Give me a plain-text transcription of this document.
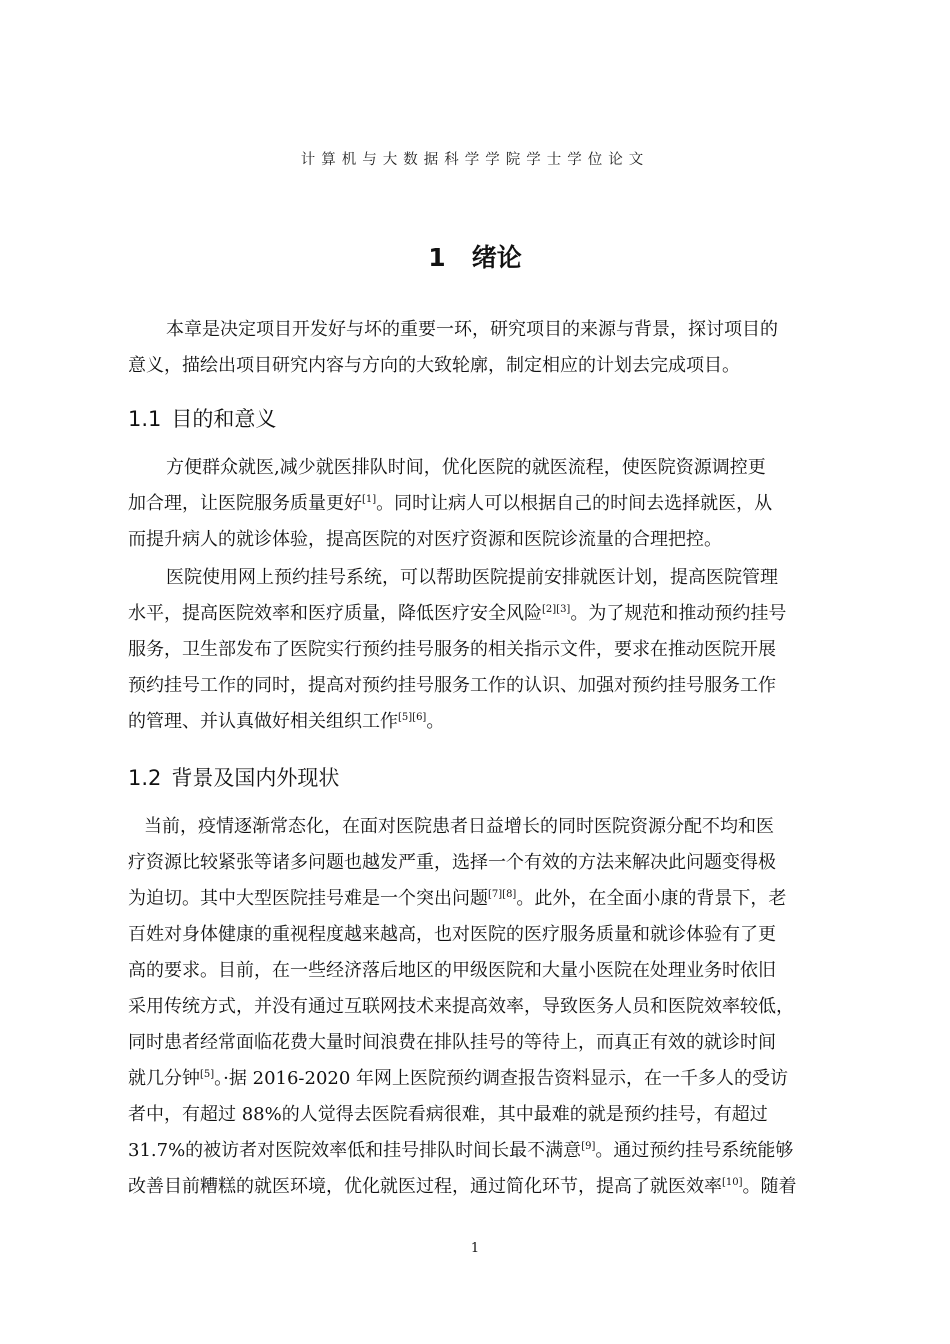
计算机与大数据科学学院学士学位论文
1 绪论
本章是决定项目开发好与坏的重要一环，研究项目的来源与背景，探讨项目的
意义，描绘出项目研究内容与方向的大致轮廓，制定相应的计划去完成项目。
1.1 目的和意义
方便群众就医,减少就医排队时间，优化医院的就医流程，使医院资源调控更
加合理，让医院服务质量更好[1]。同时让病人可以根据自己的时间去选择就医，从
而提升病人的就诊体验，提高医院的对医疗资源和医院诊流量的合理把控。
医院使用网上预约挂号系统，可以帮助医院提前安排就医计划，提高医院管理
水平，提高医院效率和医疗质量，降低医疗安全风险[2][3]。为了规范和推动预约挂号
服务，卫生部发布了医院实行预约挂号服务的相关指示文件，要求在推动医院开展
预约挂号工作的同时，提高对预约挂号服务工作的认识、加强对预约挂号服务工作
的管理、并认真做好相关组织工作[5][6]。
1.2 背景及国内外现状
当前，疫情逐渐常态化，在面对医院患者日益增长的同时医院资源分配不均和医
疗资源比较紧张等诸多问题也越发严重，选择一个有效的方法来解决此问题变得极
为迫切。其中大型医院挂号难是一个突出问题[7][8]。此外，在全面小康的背景下，老
百姓对身体健康的重视程度越来越高，也对医院的医疗服务质量和就诊体验有了更
高的要求。目前，在一些经济落后地区的甲级医院和大量小医院在处理业务时依旧
采用传统方式，并没有通过互联网技术来提高效率，导致医务人员和医院效率较低，
同时患者经常面临花费大量时间浪费在排队挂号的等待上，而真正有效的就诊时间
就几分钟[5]。·据 2016-2020 年网上医院预约调查报告资料显示，在一千多人的受访
者中，有超过 88%的人觉得去医院看病很难，其中最难的就是预约挂号，有超过
31.7%的被访者对医院效率低和挂号排队时间长最不满意[9]。通过预约挂号系统能够
改善目前糟糕的就医环境，优化就医过程，通过简化环节，提高了就医效率[10]。随着
1
